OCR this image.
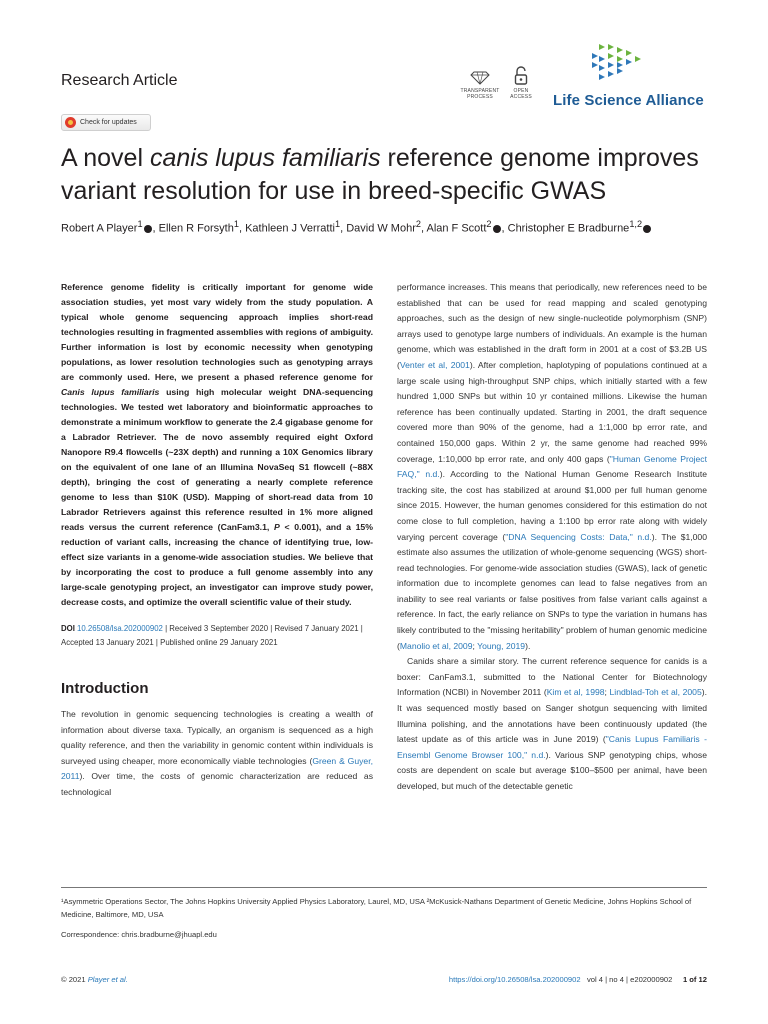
Research Article
Check for updates
TRANSPARENT PROCESS
OPEN ACCESS Life Science Alliance
A novel canis lupus familiaris reference genome improves variant resolution for use in breed-specific GWAS
Robert A Player$^1$ , Ellen R Forsyth$^1$, Kathleen J Verratti$^1$, David W Mohr$^2$, Alan F Scott$^2$ , Christopher E Bradburne$^{1,2}$
Reference genome fidelity is critically important for genome wide association studies, yet most vary widely from the study population. A typical whole genome sequencing approach implies short-read technologies resulting in fragmented assemblies with regions of ambiguity. Further information is lost by economic necessity when genotyping populations, as lower resolution technologies such as genotyping arrays are commonly used. Here, we present a phased reference genome for Canis lupus familiaris using high molecular weight DNA-sequencing technologies. We tested wet laboratory and bioinformatic approaches to demonstrate a minimum workflow to generate the 2.4 gigabase genome for a Labrador Retriever. The de novo assembly required eight Oxford Nanopore R9.4 flowcells (~23X depth) and running a 10X Genomics library on the equivalent of one lane of an Illumina NovaSeq S1 flowcell (~88X depth), bringing the cost of generating a nearly complete reference genome to less than $10K (USD). Mapping of short-read data from 10 Labrador Retrievers against this reference resulted in 1% more aligned reads versus the current reference (CanFam3.1, P < 0.001), and a 15% reduction of variant calls, increasing the chance of identifying true, low-effect size variants in a genome-wide association studies. We believe that by incorporating the cost to produce a full genome assembly into any large-scale genotyping project, an investigator can improve study power, decrease costs, and optimize the overall scientific value of their study.
DOI 10.26508/lsa.202000902 | Received 3 September 2020 | Revised 7 January 2021 | Accepted 13 January 2021 | Published online 29 January 2021
Introduction

The revolution in genomic sequencing technologies is creating a wealth of information about diverse taxa. Typically, an organism is sequenced as a high quality reference, and then the variability in genomic content within individuals is surveyed using cheaper, more economically viable technologies (Green & Guyer, 2011). Over time, the costs of genomic characterization are reduced as technological

performance increases. This means that periodically, new references need to be established that can be used for read mapping and scaled genotyping approaches, such as the design of new single-nucleotide polymorphism (SNP) arrays used to genotype large numbers of individuals. An example is the human genome, which was established in the draft form in 2001 at a cost of $3.2B US (Venter et al, 2001). After completion, haplotyping of populations continued at a large scale using high-throughput SNP chips, which initially started with a few hundred 1,000 SNPs but within 10 yr contained millions. Likewise the human reference has been continually updated. Starting in 2001, the draft sequence covered more than 90% of the genome, had a 1:1,000 bp error rate, and contained 150,000 gaps. Within 2 yr, the same genome had reached 99% coverage, 1:10,000 bp error rate, and only 400 gaps ("Human Genome Project FAQ," n.d.). According to the National Human Genome Research Institute tracking site, the cost has stabilized at around $1,000 per full human genome since 2015. However, the human genomes considered for this estimation do not come close to full completion, having a 1:100 bp error rate along with widely varying percent coverage ("DNA Sequencing Costs: Data," n.d.). The $1,000 estimate also assumes the utilization of whole-genome sequencing (WGS) short-read technologies. For genome-wide association studies (GWAS), lack of genetic information due to incomplete genomes can lead to false negatives from an inability to see real variants or false positives from false variant calls against a reference. In fact, the early reliance on SNPs to type the variation in humans has likely contributed to the "missing heritability" problem of human genomic medicine (Manolio et al, 2009; Young, 2019).

Canids share a similar story. The current reference sequence for canids is a boxer: CanFam3.1, submitted to the National Center for Biotechnology Information (NCBI) in November 2011 (Kim et al, 1998; Lindblad-Toh et al, 2005). It was sequenced mostly based on Sanger shotgun sequencing with limited Illumina polishing, and the annotations have been continuously updated (the latest update as of this article was in June 2019) ("Canis Lupus Familiaris - Ensembl Genome Browser 100," n.d.). Various SNP genotyping chips, whose costs are dependent on scale but average $100–$500 per animal, have been developed, but much of the detectable genetic

¹Asymmetric Operations Sector, The Johns Hopkins University Applied Physics Laboratory, Laurel, MD, USA ²McKusick-Nathans Department of Genetic Medicine, Johns Hopkins School of Medicine, Baltimore, MD, USA
Correspondence: chris.bradburne@jhuapl.edu
© 2021 Player et al.	https://doi.org/10.26508/lsa.202000902 vol 4 | no 4 | e202000902 1 of 12
